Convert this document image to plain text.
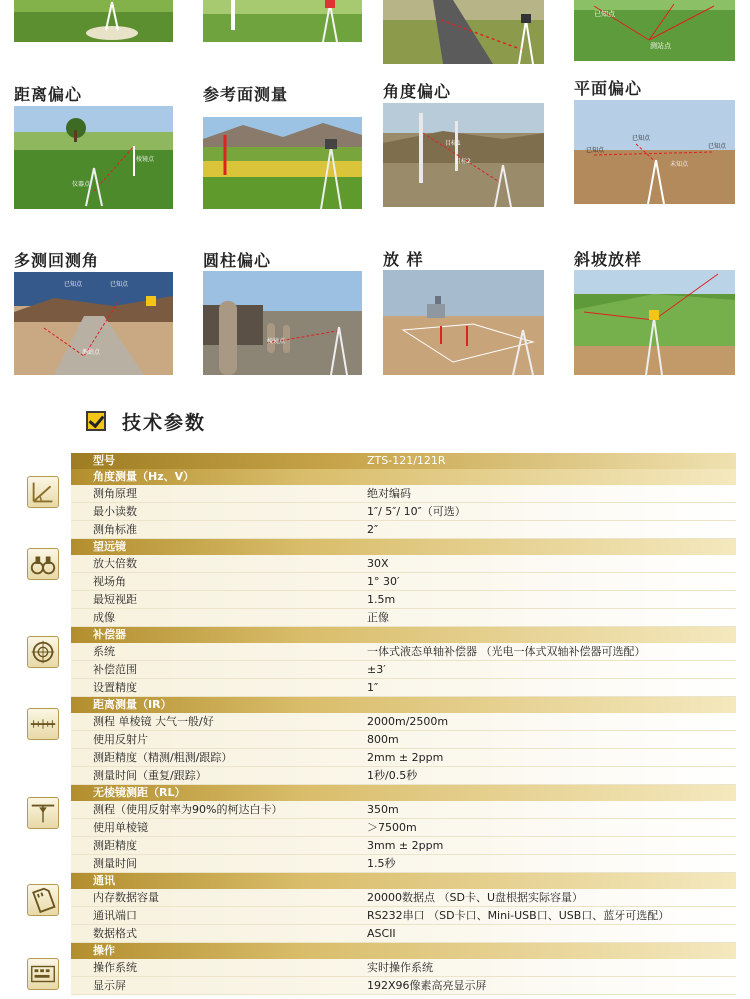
已知点
测站点
距离偏心	参考面测量	角度偏心	平面偏心
棱镜点
仪器点
目标1
目标2
已知点
已知点
已知点
未知点
多测回测角	圆柱偏心	放 样	斜坡放样
已知点	已知点
测站点
棱镜点
技术参数
型号	ZTS-121/121R
角度测量（Hz、V）
测角原理	绝对编码
最小读数	1″/ 5″/ 10″（可选）
测角标准	2″
望远镜
放大倍数	30X
视场角	1° 30′
最短视距	1.5m
成像	正像
补偿器
系统	一体式液态单轴补偿器 （光电一体式双轴补偿器可选配）
补偿范围	±3′
设置精度	1″
距离测量（IR）
测程 单棱镜 大气一般/好	2000m/2500m
使用反射片	800m
测距精度（精测/粗测/跟踪）	2mm ± 2ppm
测量时间（重复/跟踪）	1秒/0.5秒
无棱镜测距（RL）
测程（使用反射率为90%的柯达白卡）	350m
使用单棱镜	＞7500m
测距精度	3mm ± 2ppm
测量时间	1.5秒
通讯
内存数据容量	20000数据点 （SD卡、U盘根据实际容量）
通讯端口	RS232串口 （SD卡口、Mini-USB口、USB口、蓝牙可选配）
数据格式	ASCII
操作
操作系统	实时操作系统
显示屏	192X96像素高亮显示屏
